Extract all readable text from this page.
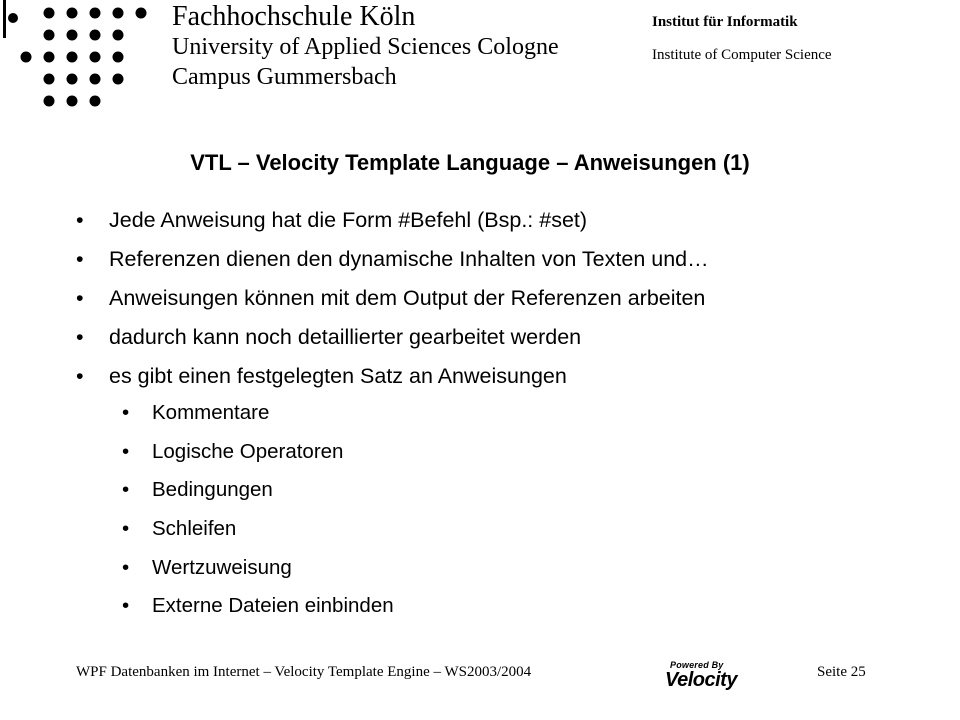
Fachhochschule Köln
University of Applied Sciences Cologne
Campus Gummersbach
Institut für Informatik
Institute of Computer Science
VTL – Velocity Template Language – Anweisungen (1)
• Jede Anweisung hat die Form #Befehl (Bsp.: #set)
• Referenzen dienen den dynamische Inhalten von Texten und…
• Anweisungen können mit dem Output der Referenzen arbeiten
• dadurch kann noch detaillierter gearbeitet werden
• es gibt einen festgelegten Satz an Anweisungen
• Kommentare
• Logische Operatoren
• Bedingungen
• Schleifen
• Wertzuweisung
• Externe Dateien einbinden
WPF Datenbanken im Internet – Velocity Template Engine – WS2003/2004	Powered By
Velocity	Seite 25
